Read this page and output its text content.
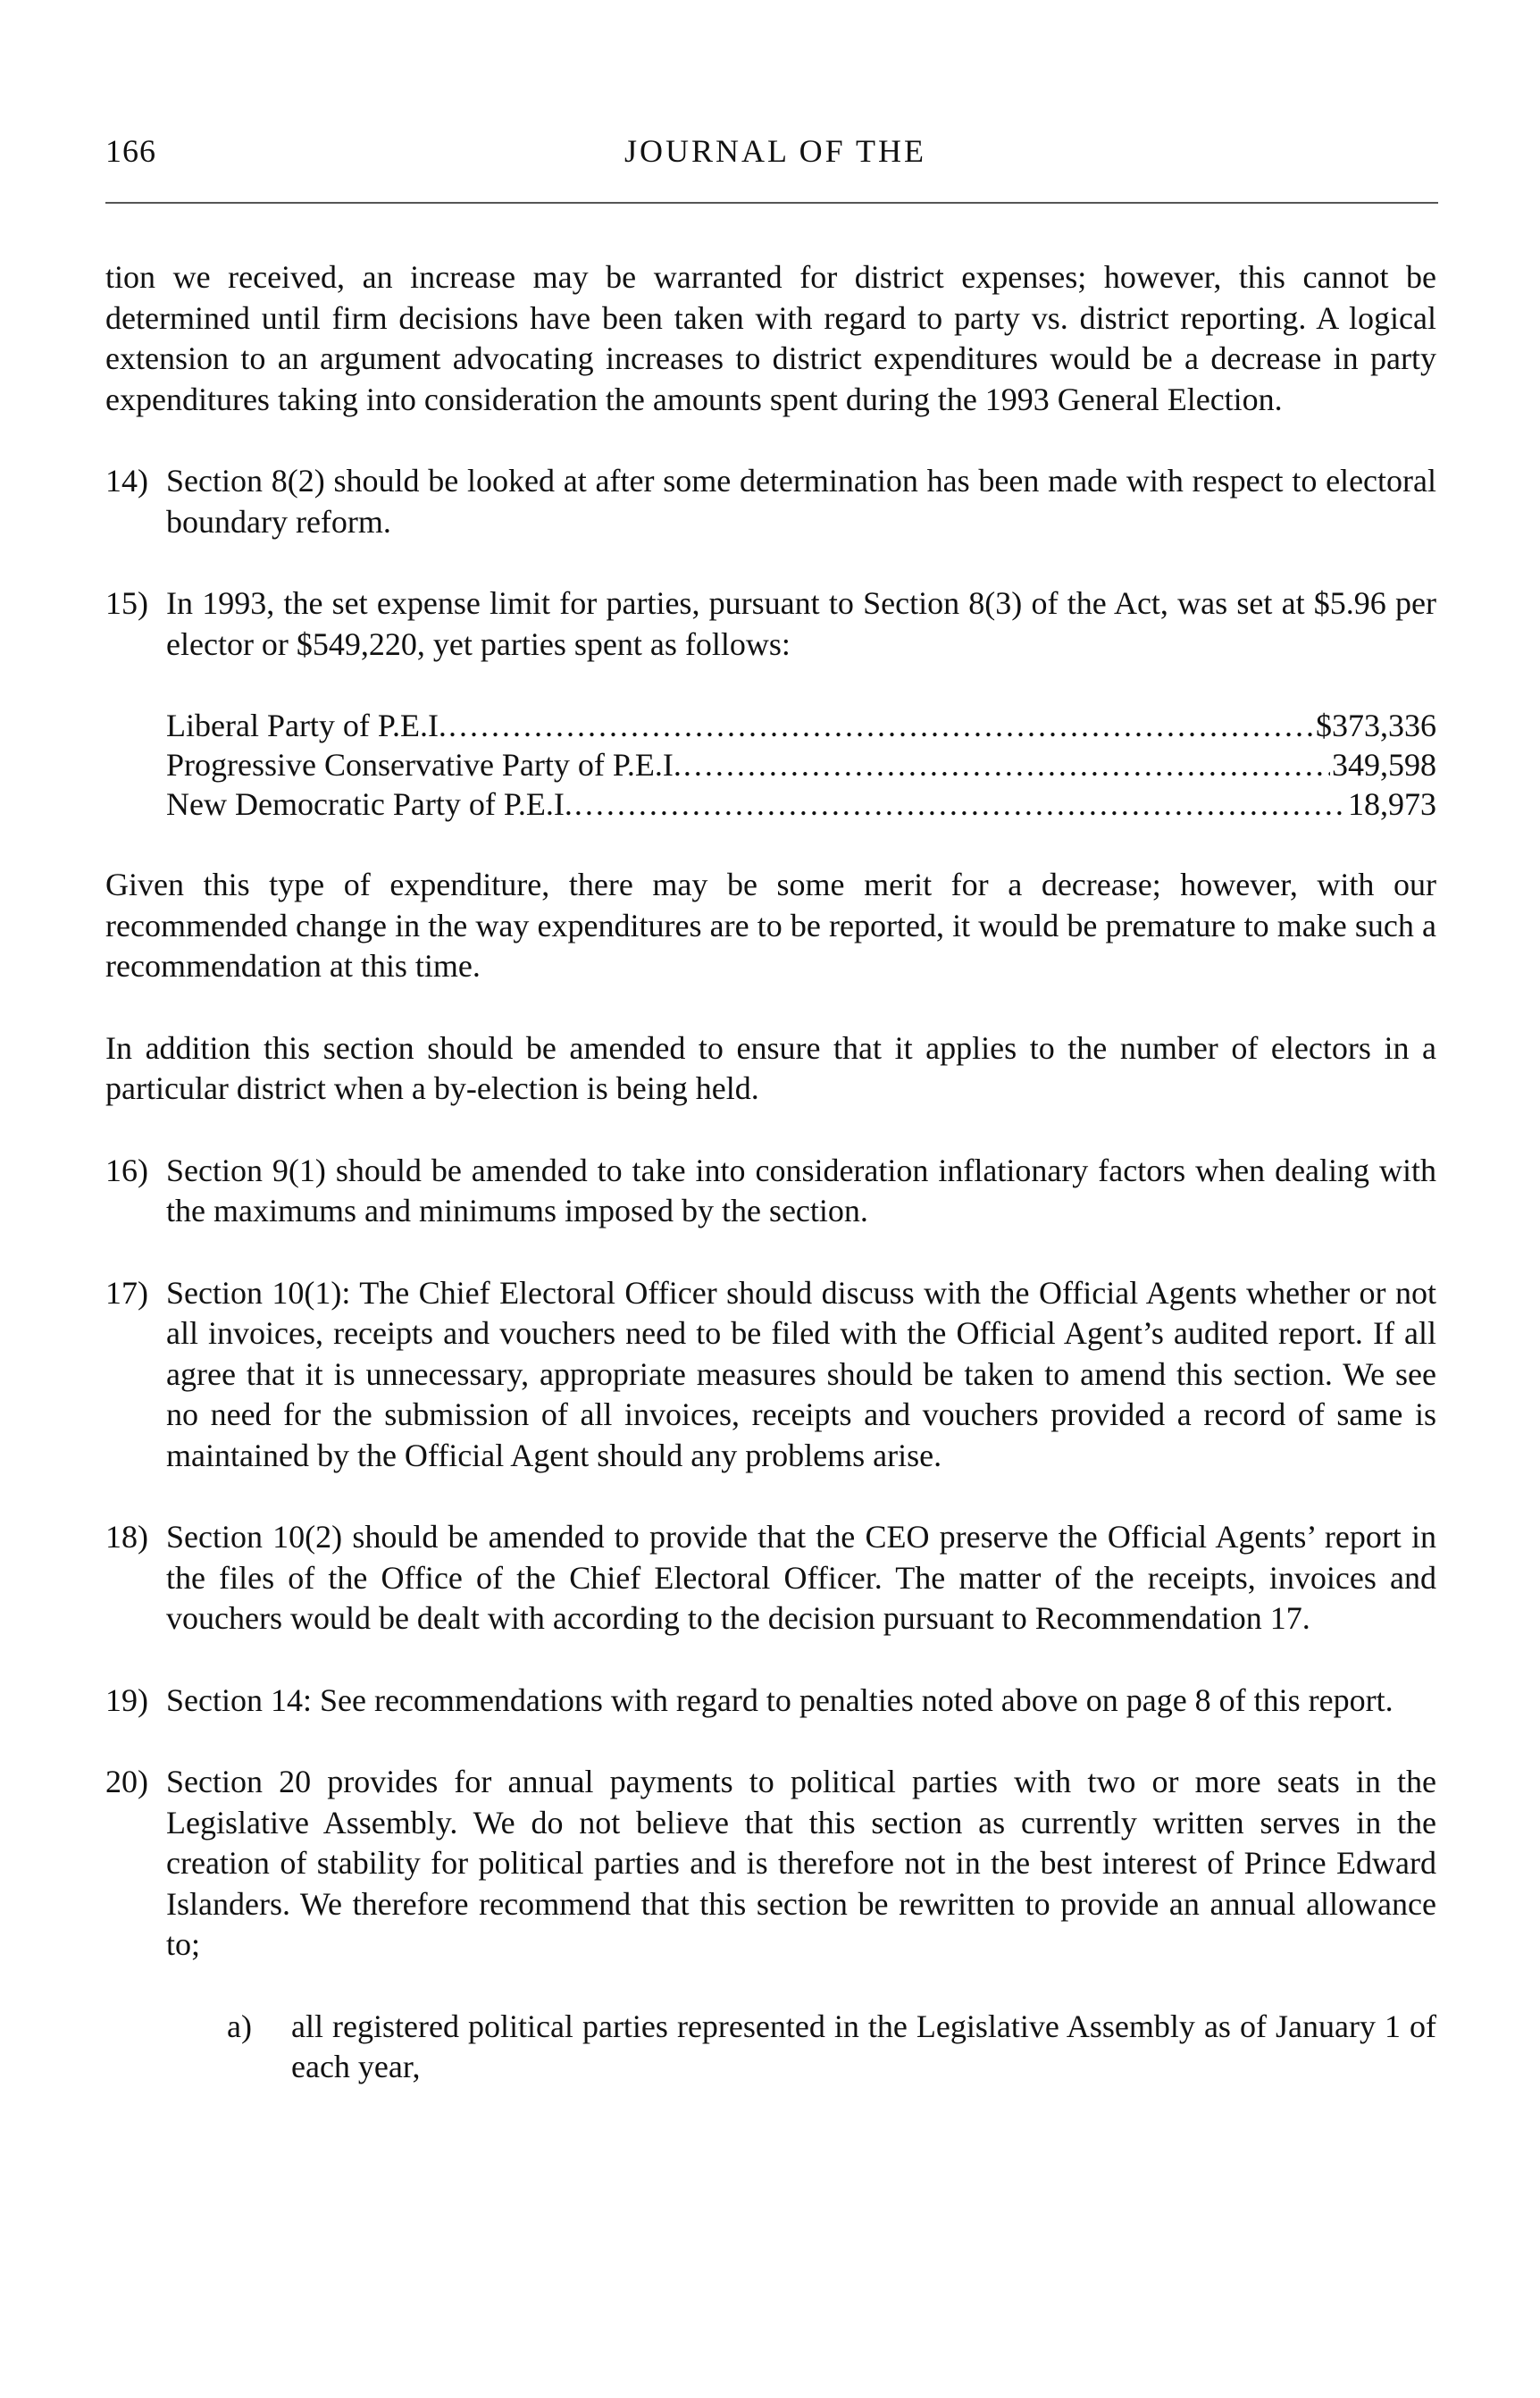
166	JOURNAL OF THE

tion we received, an increase may be warranted for district expenses; however, this cannot be determined until firm decisions have been taken with regard to party vs. district reporting. A logical extension to an argument advocating increases to district expenditures would be a decrease in party expenditures taking into consideration the amounts spent during the 1993 General Election.

14) Section 8(2) should be looked at after some determination has been made with respect to electoral boundary reform.
15) In 1993, the set expense limit for parties, pursuant to Section 8(3) of the Act, was set at $5.96 per elector or $549,220, yet parties spent as follows:
Liberal Party of P.E.I. .....	$373,336
Progressive Conservative Party of P.E.I. .....	349,598
New Democratic Party of P.E.I. .....	18,973

Given this type of expenditure, there may be some merit for a decrease; however, with our recommended change in the way expenditures are to be reported, it would be premature to make such a recommendation at this time.

In addition this section should be amended to ensure that it applies to the number of electors in a particular district when a by-election is being held.

16) Section 9(1) should be amended to take into consideration inflationary factors when dealing with the maximums and minimums imposed by the section.
17) Section 10(1): The Chief Electoral Officer should discuss with the Official Agents whether or not all invoices, receipts and vouchers need to be filed with the Official Agent’s audited report. If all agree that it is unnecessary, appropriate measures should be taken to amend this section. We see no need for the submission of all invoices, receipts and vouchers provided a record of same is maintained by the Official Agent should any problems arise.
18) Section 10(2) should be amended to provide that the CEO preserve the Official Agents’ report in the files of the Office of the Chief Electoral Officer. The matter of the receipts, invoices and vouchers would be dealt with according to the decision pursuant to Recommendation 17.
19) Section 14: See recommendations with regard to penalties noted above on page 8 of this report.
20) Section 20 provides for annual payments to political parties with two or more seats in the Legislative Assembly. We do not believe that this section as currently written serves in the creation of stability for political parties and is therefore not in the best interest of Prince Edward Islanders. We therefore recommend that this section be rewritten to provide an annual allowance to;
a)	all registered political parties represented in the Legislative Assembly as of January 1 of each year,
